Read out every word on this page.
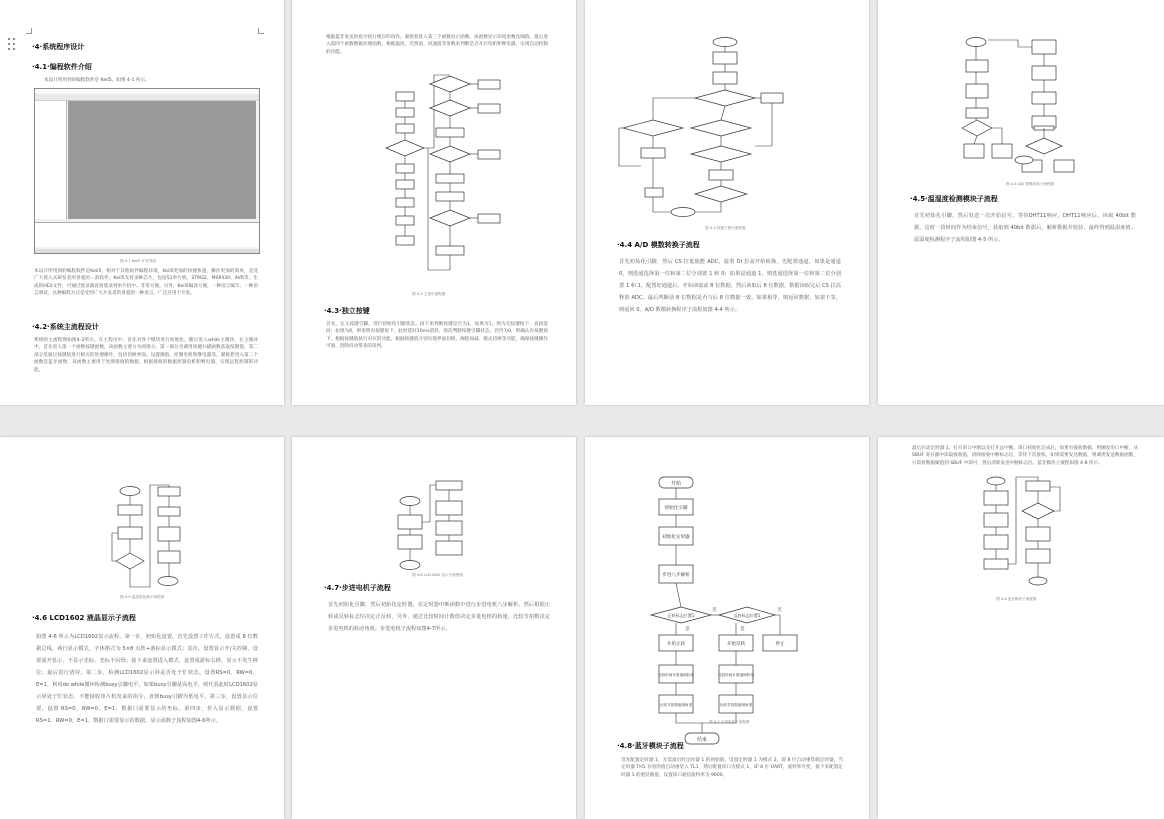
·4·系统程序设计
·4.1·编程软件介绍
本设计所用到的编程软件是 Keil5。如图 4-1 所示。
图 4-1 Keil5 开发界面
本设计所用到的编程软件是Keil5，相对于其他软件编程环境，Keil5更加的快捷快速，操作更加的简单，是受广大嵌入式研发者所喜爱的一款软件。Keil5支持多种芯片，包括51单片机、STM32、MSP430、AVR等。生成的HEX文件，可通过烧录器直接烧录到单片机中。非常方便。另外，Keil5编译方便，一种语言编写，一种语言调试，这种编程方式是受到广大开发者的喜爱的一种语言，广泛应用于开发。
·4.2·系统主流程设计
系统的主流程图如图4-2所示。在主程序中，首先对各个模块进行初始化，随后进入while主循环。在主循环中，首先进入第一个函数按键函数，该函数主要分为两部分，第一部分为调用按键扫描函数获取按键值，第二部分是通过按键值进行相应的处理操作，包括切换界面、设置阈值、控制电机和继电器等。紧接着进入第二个函数是蓝牙函数，该函数主要用于处理接收的数据，根据接收的数据控制电机和继电器，实现远程控制的功能。
根据蓝牙发送的指令执行相应的动作。紧接着进入第三个函数显示函数，该函数显示环境参数及阈值。最后进入第四个函数数据处理函数，根据温度、光照值、风速值等参数来判断是否开启电机和继电器，实现自动控制的功能。
图 4-2 主程序流程图
·4.3·独立按键
首先，定义按键引脚，进行初始化引脚状态。接下来判断按键是否为1，如果为1，则为无按键按下，直接返回；如果为0，则说明有按键按下，此时延时10ms消抖，再次判断按键引脚状态，若仍为0，则确认有按键按下，根据按键值执行对应的功能。根据按键值分别实现界面切换、阈值加减、模式切换等功能，确保按键操作可靠，消除抖动带来的误判。
图 4-3 按键子程序流程图
·4.4 A/D 模数转换子流程
首先初始化引脚，然后 CS 拉低使能 ADC，接着 DI 拉高开始转换，先配置通道，如果是通道 0，则选通选择第一位和第二位分别置 1 和 0；如果是通道 1，则选通选择第一位和第二位分别置 1 和 1，配置好通道后，开始读取前 8 位数据，然后读取后 8 位数据，数据读取完后 CS 拉高释放 ADC，最后判断前 8 位数据是否与后 8 位数据一致，如果相等，则返回数据，如果不等，则返回 0。A/D 数模转换程序子流程如图 4-4 所示。
图 4-4 A/D 数模转换子流程图
·4.5·温湿度检测模块子流程
首先初始化引脚，然后发送一次开始信号，等待DHT11响应，DHT11响应后，读取 40bit 数据，这时一段时间作为结束信号，获取到 40bit 数据后，解析数据并校验，最终得到温湿度值。温湿度检测程序子流程如图 4-5 所示。
图 4-5 温湿度检测子流程图
·4.6 LCD1602 液晶显示子流程
如图 4-6 所示为LCD1602显示流程，第一步，初始化设置，首先设置工作方式，设置成 8 位数据总线，两行显示模式，字体格式为 5×8 点阵+游标显示模式；其次，设置显示开/关控制，设置成开显示、不显示光标、光标不闪烁；接下来设置进入模式，设置成游标右移，显示不发生移位；最后进行清屏。第二步，检测LCD1602显示屏是否处于忙状态，设置RS=0，RW=0，E=1，利用do while循环检测busy引脚电平，如果busy引脚是高电平，则代表此时LCD1602显示屏处于忙状态，不能接收单片机发来的指令，直到busy引脚为低电平。第三步，设置显示位置，设置 RS=0，RW=0，E=1，数据口需要显示的坐标。第四步，传入显示数据，设置 RS=1，RW=0，E=1，数据口需要显示的数据。显示函数子流程如图4-6所示。
图 4-6 LCD1602 显示子流程图
·4.7·步进电机子流程
首先初始化引脚，然后初始化定时器，在定时器中断函数中进行步进电机八步解析，然后根据正转或反转标志位决定正反转，另外，通过比较时间计数值决定步进电机的转速，比较节拍数决定步进电机的转动角度。步进电机子流程如图4-7所示。
开始
初始化引脚
初始化定时器
步进八步解析
正转标志位置1	反转标志位置1
是	是
否	否
开始正转	开始反转	停止
比较时间计数值调转速	比较时间计数值调转速
比较节拍数值调角度	比较节拍数值调角度
结束
图 4-7 步进电机子流程图
·4.8·蓝牙模块子流程
首先配置定时器 1，无需溢出时定时器 1 的初始值，设置定时器 1 为模式 2，即 8 位自动重装载定时器，当定时器 TH1 存放的值自动重装入 TL1，然后配置串口为模式 1，即 8 位 UART，波特率可变，接下来配置定时器 1 的重装载值，设置串口通信波特率为 9600。
最后启动定时器 1，打开串口中断以及打开总中断。串口初始化完成后，如果有接收数据，则触发串口中断，从 SBUF 寄存器中读取接收值，清除接收中断标志位，等待下次接收。如果需要发送数据，则调用发送数据函数，只需将数据赋值到 SBUF 中即可，然后清除发送中断标志位。蓝牙模块子流程如图 4-8 所示。
图 4-8 蓝牙模块子流程图
